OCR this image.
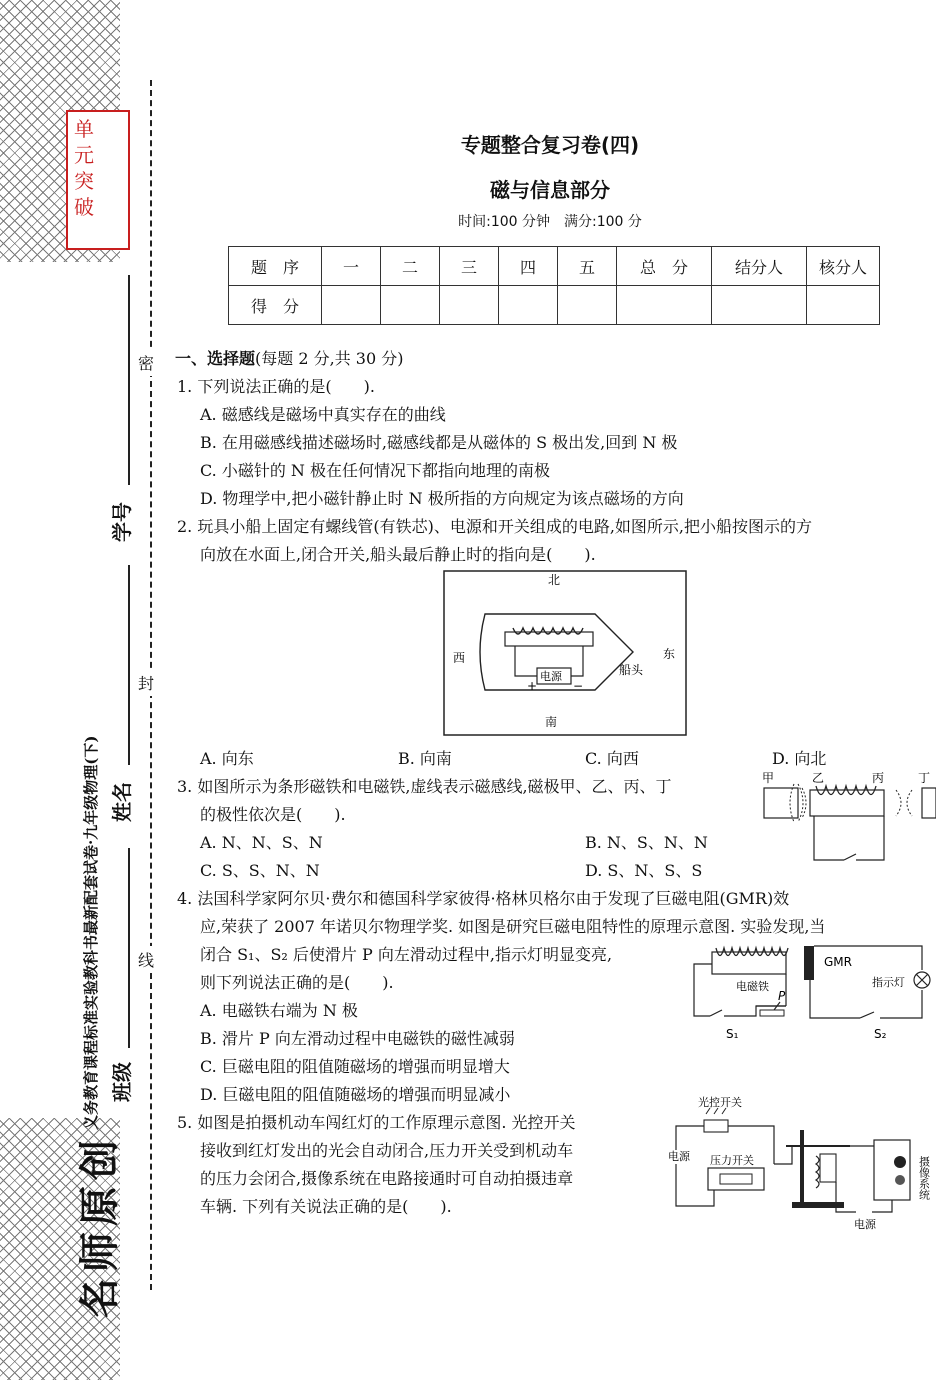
单元突破
名师原创
义务教育课程标准实验教科书最新配套试卷·九年级物理(下)
学号
姓名
班级
密
封
线
专题整合复习卷(四)
磁与信息部分
时间:100 分钟　满分:100 分
题　序	一	二	三	四	五	总　分	结分人	核分人
得　分								
一、选择题(每题 2 分,共 30 分)
1. 下列说法正确的是(　　).
A. 磁感线是磁场中真实存在的曲线
B. 在用磁感线描述磁场时,磁感线都是从磁体的 S 极出发,回到 N 极
C. 小磁针的 N 极在任何情况下都指向地理的南极
D. 物理学中,把小磁针静止时 N 极所指的方向规定为该点磁场的方向
2. 玩具小船上固定有螺线管(有铁芯)、电源和开关组成的电路,如图所示,把小船按图示的方
向放在水面上,闭合开关,船头最后静止时的指向是(　　).
北
南
西	东
船头
电源
+	−
A. 向东	B. 向南	C. 向西	D. 向北
3. 如图所示为条形磁铁和电磁铁,虚线表示磁感线,磁极甲、乙、丙、丁
的极性依次是(　　).
A. N、N、S、N	B. N、S、N、N
C. S、S、N、N	D. S、N、S、S
甲	乙	丙	丁
4. 法国科学家阿尔贝·费尔和德国科学家彼得·格林贝格尔由于发现了巨磁电阻(GMR)效
应,荣获了 2007 年诺贝尔物理学奖. 如图是研究巨磁电阻特性的原理示意图. 实验发现,当
闭合 S₁、S₂ 后使滑片 P 向左滑动过程中,指示灯明显变亮,
则下列说法正确的是(　　).
A. 电磁铁右端为 N 极
B. 滑片 P 向左滑动过程中电磁铁的磁性减弱
C. 巨磁电阻的阻值随磁场的增强而明显增大
D. 巨磁电阻的阻值随磁场的增强而明显减小
GMR
电磁铁
P
指示灯
S₁	S₂
5. 如图是拍摄机动车闯红灯的工作原理示意图. 光控开关
接收到红灯发出的光会自动闭合,压力开关受到机动车
的压力会闭合,摄像系统在电路接通时可自动拍摄违章
车辆. 下列有关说法正确的是(　　).
光控开关
电源 压力开关
电源
摄像系统
